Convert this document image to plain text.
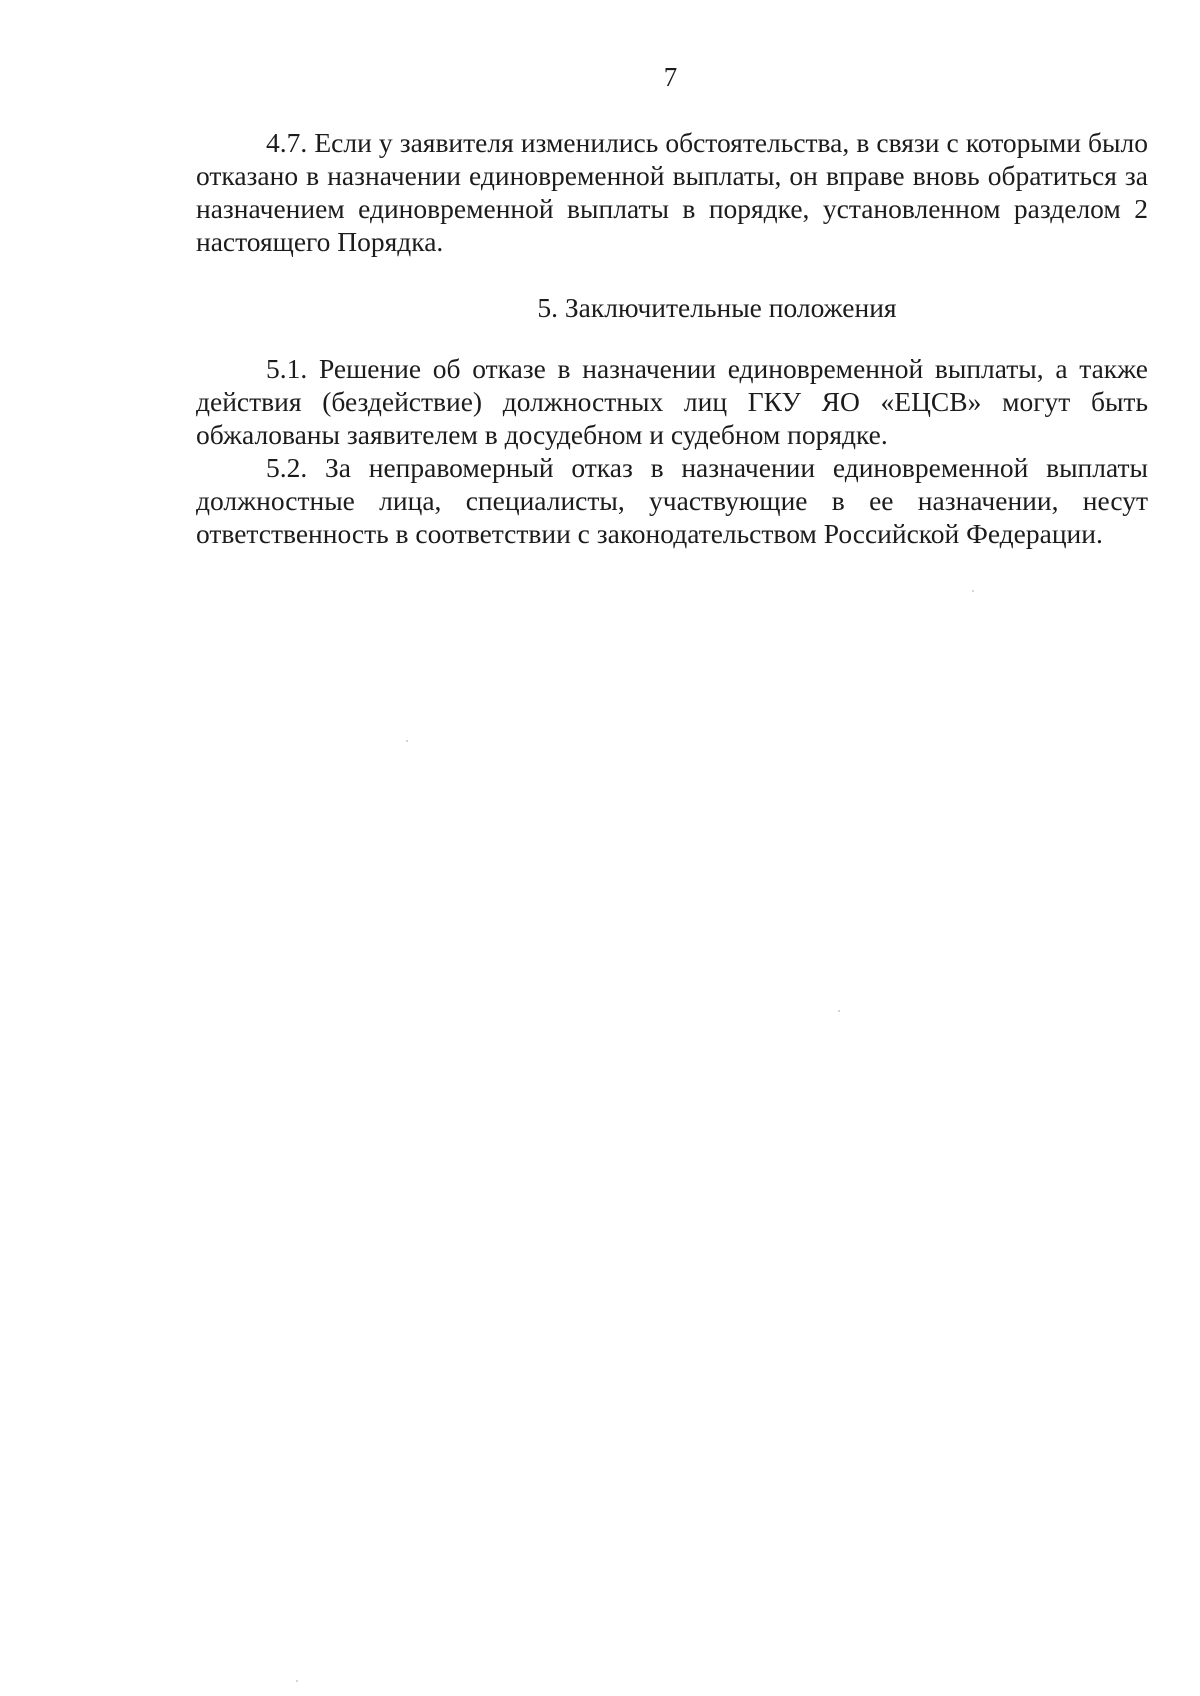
7

4.7. Если у заявителя изменились обстоятельства, в связи с которыми было отказано в назначении единовременной выплаты, он вправе вновь обратиться за назначением единовременной выплаты в порядке, установленном разделом 2 настоящего Порядка.

5. Заключительные положения

5.1. Решение об отказе в назначении единовременной выплаты, а также действия (бездействие) должностных лиц ГКУ ЯО «ЕЦСВ» могут быть обжалованы заявителем в досудебном и судебном порядке.

5.2. За неправомерный отказ в назначении единовременной выплаты должностные лица, специалисты, участвующие в ее назначении, несут ответственность в соответствии с законодательством Российской Федерации.
